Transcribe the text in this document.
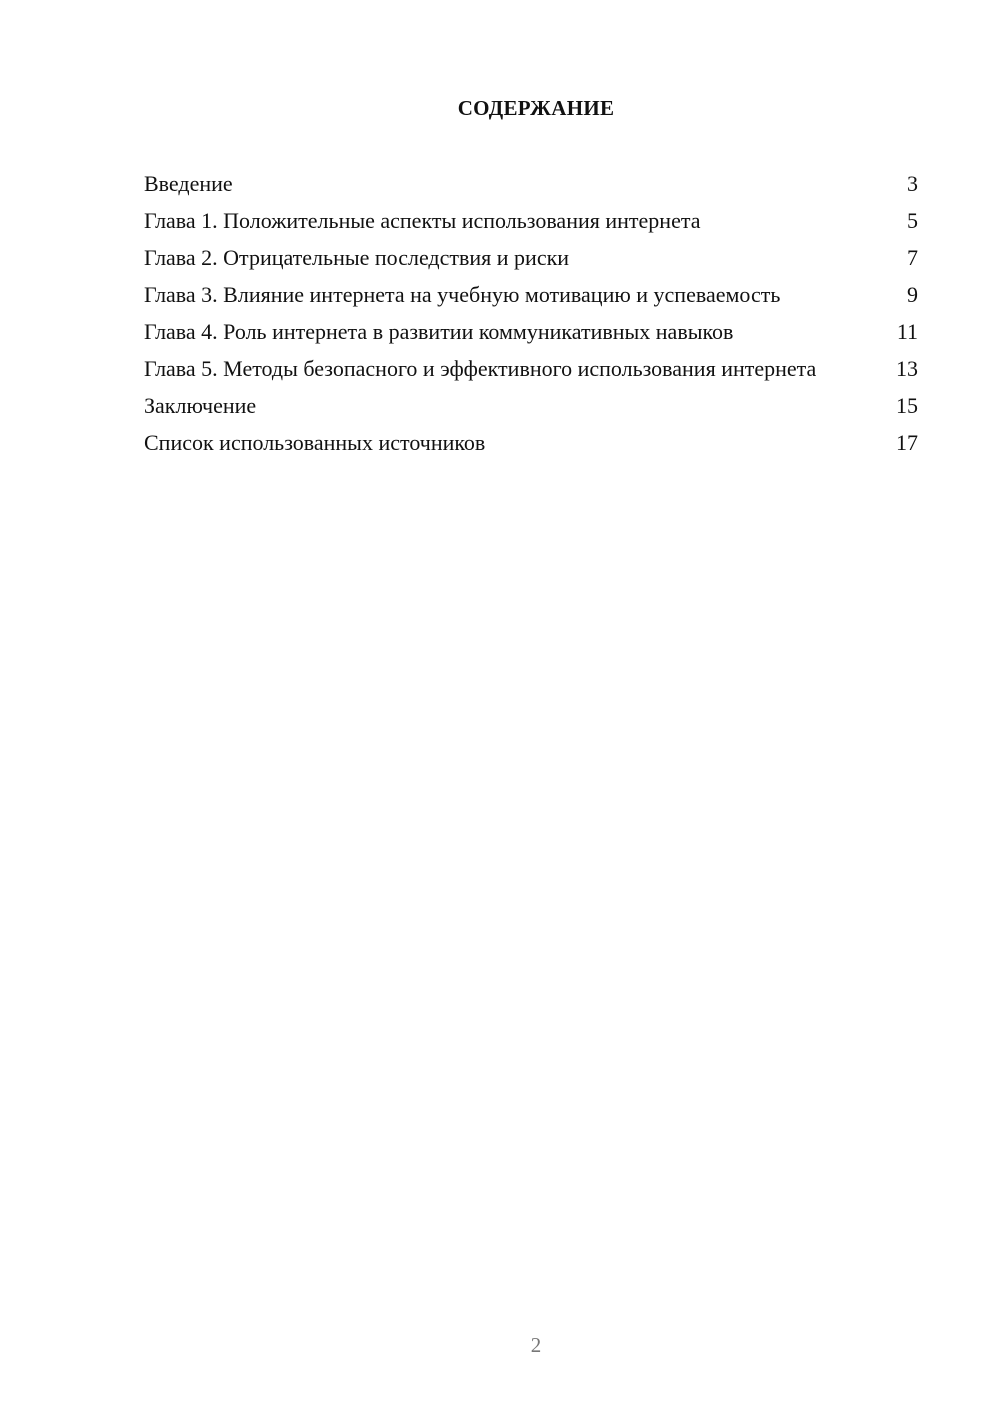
СОДЕРЖАНИЕ
Введение	3
Глава 1. Положительные аспекты использования интернета	5
Глава 2. Отрицательные последствия и риски	7
Глава 3. Влияние интернета на учебную мотивацию и успеваемость	9
Глава 4. Роль интернета в развитии коммуникативных навыков	11
Глава 5. Методы безопасного и эффективного использования интернета	13
Заключение	15
Список использованных источников	17
2
